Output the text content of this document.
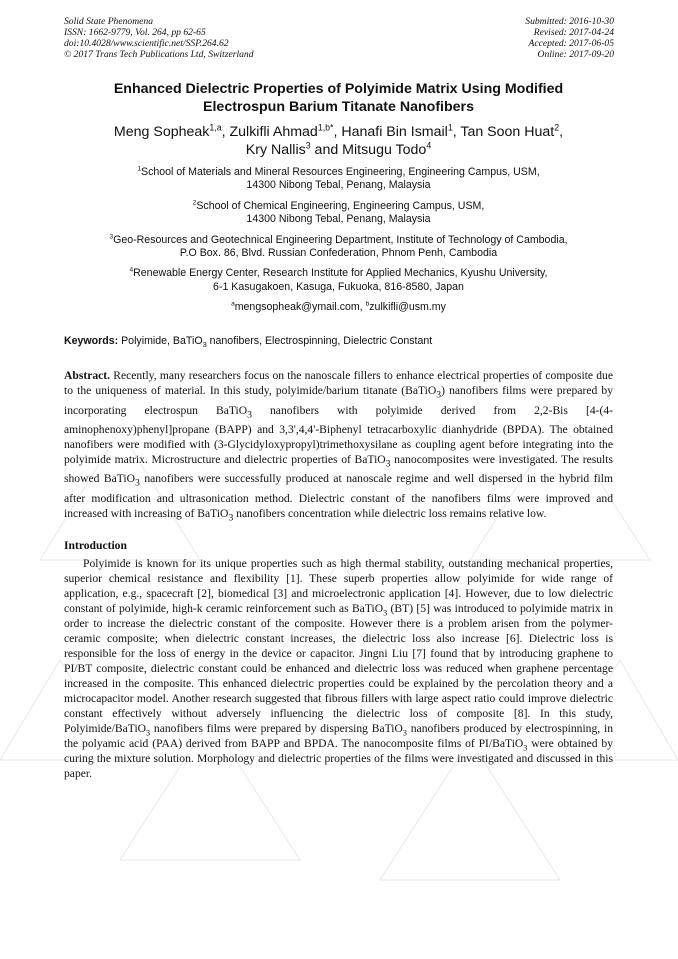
Solid State Phenomena
ISSN: 1662-9779, Vol. 264, pp 62-65
doi:10.4028/www.scientific.net/SSP.264.62
© 2017 Trans Tech Publications Ltd, Switzerland
Submitted: 2016-10-30
Revised: 2017-04-24
Accepted: 2017-06-05
Online: 2017-09-20
Enhanced Dielectric Properties of Polyimide Matrix Using Modified
Electrospun Barium Titanate Nanofibers
Meng Sopheak$^{1,a}$, Zulkifli Ahmad$^{1,b*}$, Hanafi Bin Ismail$^1$, Tan Soon Huat$^2$,
Kry Nallis$^3$ and Mitsugu Todo$^4$
$^1$School of Materials and Mineral Resources Engineering, Engineering Campus, USM,
14300 Nibong Tebal, Penang, Malaysia
$^2$School of Chemical Engineering, Engineering Campus, USM,
14300 Nibong Tebal, Penang, Malaysia
$^3$Geo-Resources and Geotechnical Engineering Department, Institute of Technology of Cambodia,
P.O Box. 86, Blvd. Russian Confederation, Phnom Penh, Cambodia
$^4$Renewable Energy Center, Research Institute for Applied Mechanics, Kyushu University,
6-1 Kasugakoen, Kasuga, Fukuoka, 816-8580, Japan
$^a$mengsopheak@ymail.com, $^b$zulkifli@usm.my
Keywords: Polyimide, BaTiO$_3$ nanofibers, Electrospinning, Dielectric Constant

Abstract. Recently, many researchers focus on the nanoscale fillers to enhance electrical properties of composite due to the uniqueness of material. In this study, polyimide/barium titanate (BaTiO$_3$) nanofibers films were prepared by incorporating electrospun BaTiO$_3$ nanofibers with polyimide derived from 2,2-Bis [4-(4-aminophenoxy)phenyl]propane (BAPP) and 3,3',4,4'-Biphenyl tetracarboxylic dianhydride (BPDA). The obtained nanofibers were modified with (3-Glycidyloxypropyl)trimethoxysilane as coupling agent before integrating into the polyimide matrix. Microstructure and dielectric properties of BaTiO$_3$ nanocomposites were investigated. The results showed BaTiO$_3$ nanofibers were successfully produced at nanoscale regime and well dispersed in the hybrid film after modification and ultrasonication method. Dielectric constant of the nanofibers films were improved and increased with increasing of BaTiO$_3$ nanofibers concentration while dielectric loss remains relative low.

Introduction

Polyimide is known for its unique properties such as high thermal stability, outstanding mechanical properties, superior chemical resistance and flexibility [1]. These superb properties allow polyimide for wide range of application, e.g., spacecraft [2], biomedical [3] and microelectronic application [4]. However, due to low dielectric constant of polyimide, high-k ceramic reinforcement such as BaTiO$_3$ (BT) [5] was introduced to polyimide matrix in order to increase the dielectric constant of the composite. However there is a problem arisen from the polymer-ceramic composite; when dielectric constant increases, the dielectric loss also increase [6]. Dielectric loss is responsible for the loss of energy in the device or capacitor. Jingni Liu [7] found that by introducing graphene to PI/BT composite, dielectric constant could be enhanced and dielectric loss was reduced when graphene percentage increased in the composite. This enhanced dielectric properties could be explained by the percolation theory and a microcapacitor model. Another research suggested that fibrous fillers with large aspect ratio could improve dielectric constant effectively without adversely influencing the dielectric loss of composite [8]. In this study, Polyimide/BaTiO$_3$ nanofibers films were prepared by dispersing BaTiO$_3$ nanofibers produced by electrospinning, in the polyamic acid (PAA) derived from BAPP and BPDA. The nanocomposite films of PI/BaTiO$_3$ were obtained by curing the mixture solution. Morphology and dielectric properties of the films were investigated and discussed in this paper.
